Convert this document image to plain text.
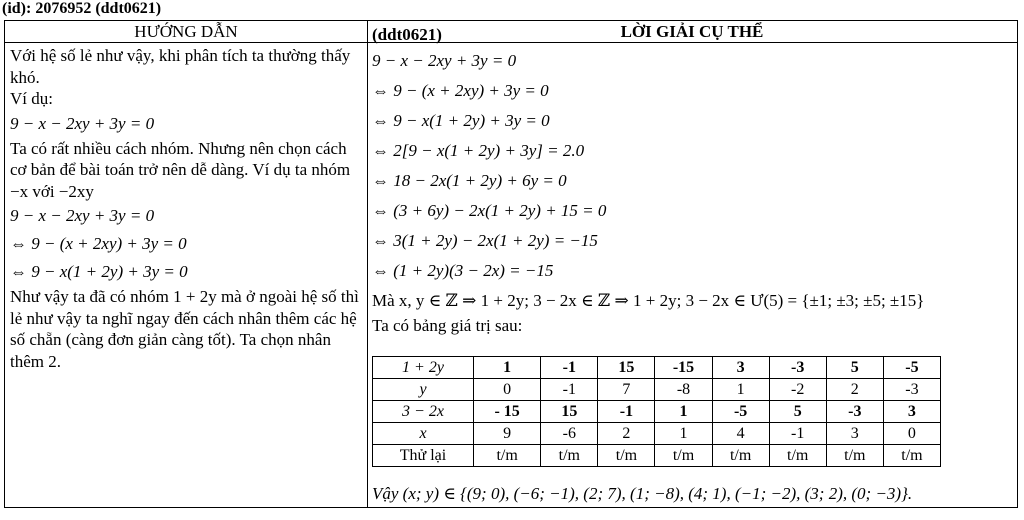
(id): 2076952 (ddt0621)
HƯỚNG DẪN	LỜI GIẢI CỤ THỂ
Với hệ số lẻ như vậy, khi phân tích ta thường thấy khó.
Ví dụ:
9 − x − 2xy + 3y = 0
Ta có rất nhiều cách nhóm. Nhưng nên chọn cách cơ bản để bài toán trở nên dễ dàng. Ví dụ ta nhóm −x với −2xy
9 − x − 2xy + 3y = 0
⇔ 9 − (x + 2xy) + 3y = 0
⇔ 9 − x(1 + 2y) + 3y = 0
Như vậy ta đã có nhóm 1 + 2y mà ở ngoài hệ số thì lẻ như vậy ta nghĩ ngay đến cách nhân thêm các hệ số chẵn (càng đơn giản càng tốt). Ta chọn nhân thêm 2.
(ddt0621)
9 − x − 2xy + 3y = 0
⇔ 9 − (x + 2xy) + 3y = 0
⇔ 9 − x(1 + 2y) + 3y = 0
⇔ 2[9 − x(1 + 2y) + 3y] = 2.0
⇔ 18 − 2x(1 + 2y) + 6y = 0
⇔ (3 + 6y) − 2x(1 + 2y) + 15 = 0
⇔ 3(1 + 2y) − 2x(1 + 2y) = −15
⇔ (1 + 2y)(3 − 2x) = −15
Mà x, y ∈ ℤ ⇒ 1 + 2y; 3 − 2x ∈ ℤ ⇒ 1 + 2y; 3 − 2x ∈ Ư(5) = {±1; ±3; ±5; ±15}
Ta có bảng giá trị sau:
1 + 2y	1	-1	15	-15	3	-3	5	-5
y	0	-1	7	-8	1	-2	2	-3
3 − 2x	- 15	15	-1	1	-5	5	-3	3
x	9	-6	2	1	4	-1	3	0
Thử lại	t/m	t/m	t/m	t/m	t/m	t/m	t/m	t/m
Vậy (x; y) ∈ {(9; 0), (−6; −1), (2; 7), (1; −8), (4; 1), (−1; −2), (3; 2), (0; −3)}.
